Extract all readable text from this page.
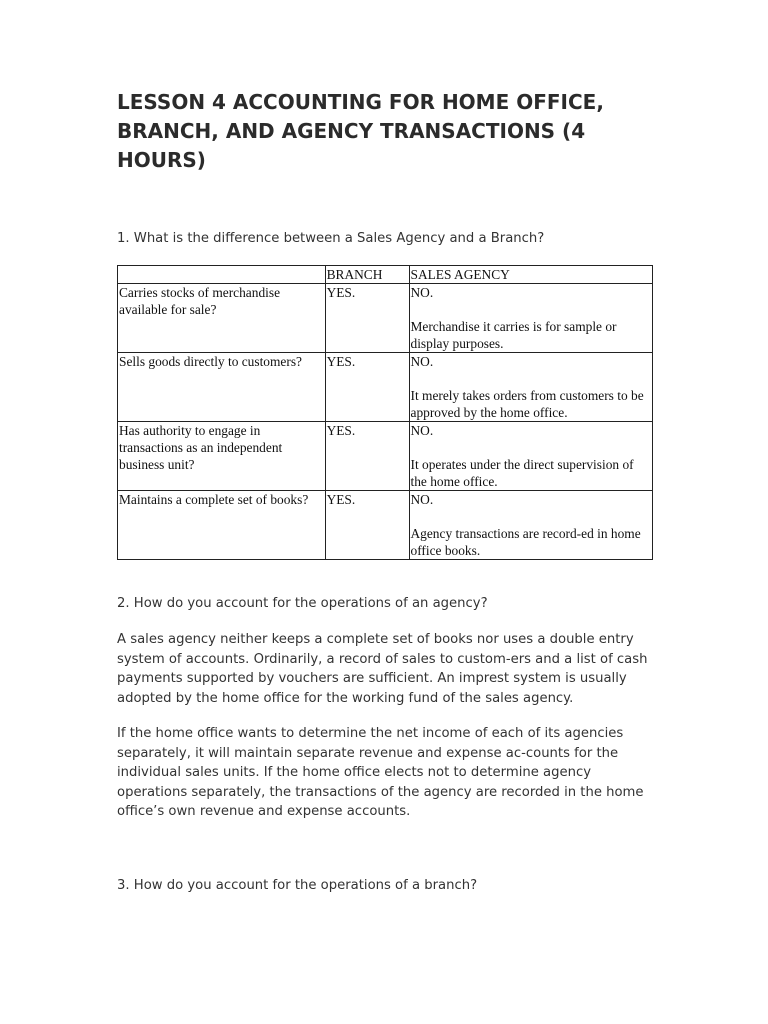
LESSON 4 ACCOUNTING FOR HOME OFFICE, BRANCH, AND AGENCY TRANSACTIONS (4 HOURS)

1. What is the difference between a Sales Agency and a Branch?

	BRANCH	SALES AGENCY
Carries stocks of merchandise available for sale?	YES.	NO.
Merchandise it carries is for sample or display purposes.
Sells goods directly to customers?	YES.	NO.
It merely takes orders from customers to be approved by the home office.
Has authority to engage in transactions as an independent business unit?	YES.	NO.
It operates under the direct supervision of the home office.
Maintains a complete set of books?	YES.	NO.
Agency transactions are record-ed in home office books.

2. How do you account for the operations of an agency?

A sales agency neither keeps a complete set of books nor uses a double entry system of accounts. Ordinarily, a record of sales to custom-ers and a list of cash payments supported by vouchers are sufficient. An imprest system is usually adopted by the home office for the working fund of the sales agency.

If the home office wants to determine the net income of each of its agencies separately, it will maintain separate revenue and expense ac-counts for the individual sales units. If the home office elects not to determine agency operations separately, the transactions of the agency are recorded in the home office’s own revenue and expense accounts.

3. How do you account for the operations of a branch?
